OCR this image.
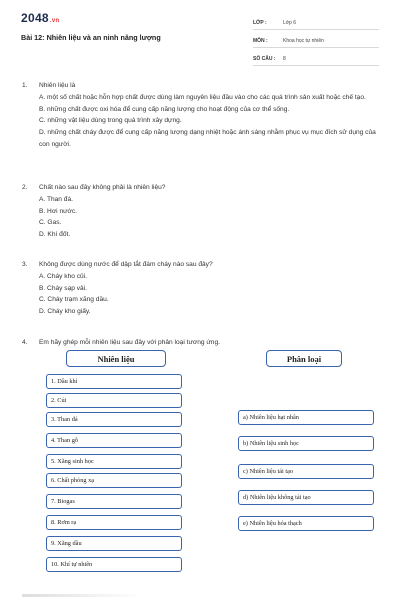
2048.vn
Bài 12: Nhiên liệu và an ninh năng lượng
LỚP :	Lớp 6
MÔN :	Khoa học tự nhiên
SỐ CÂU :	8
1. Nhiên liệu là
A. một số chất hoặc hỗn hợp chất được dùng làm nguyên liệu đầu vào cho các quá trình sản xuất hoặc chế tạo.
B. những chất được oxi hóa để cung cấp năng lượng cho hoạt động của cơ thể sống.
C. những vật liệu dùng trong quá trình xây dựng.
D. những chất cháy được để cung cấp năng lượng dạng nhiệt hoặc ánh sáng nhằm phục vụ mục đích sử dụng của con người.
2. Chất nào sau đây không phải là nhiên liệu?
A. Than đá.
B. Hơi nước.
C. Gas.
D. Khí đốt.
3. Không được dùng nước để dập tắt đám cháy nào sau đây?
A. Cháy kho củi.
B. Cháy sạp vải.
C. Cháy trạm xăng dầu.
D. Cháy kho giấy.
4. Em hãy ghép mỗi nhiên liệu sau đây với phân loại tương ứng.
Nhiên liệu	Phân loại
1. Dầu khí
2. Củi
3. Than đá
4. Than gỗ
5. Xăng sinh học
6. Chất phóng xạ
7. Biogas
8. Rơm rạ
9. Xăng dầu
10. Khí tự nhiên
a) Nhiên liệu hạt nhân
b) Nhiên liệu sinh học
c) Nhiên liệu tái tạo
d) Nhiên liệu không tái tạo
e) Nhiên liệu hóa thạch
